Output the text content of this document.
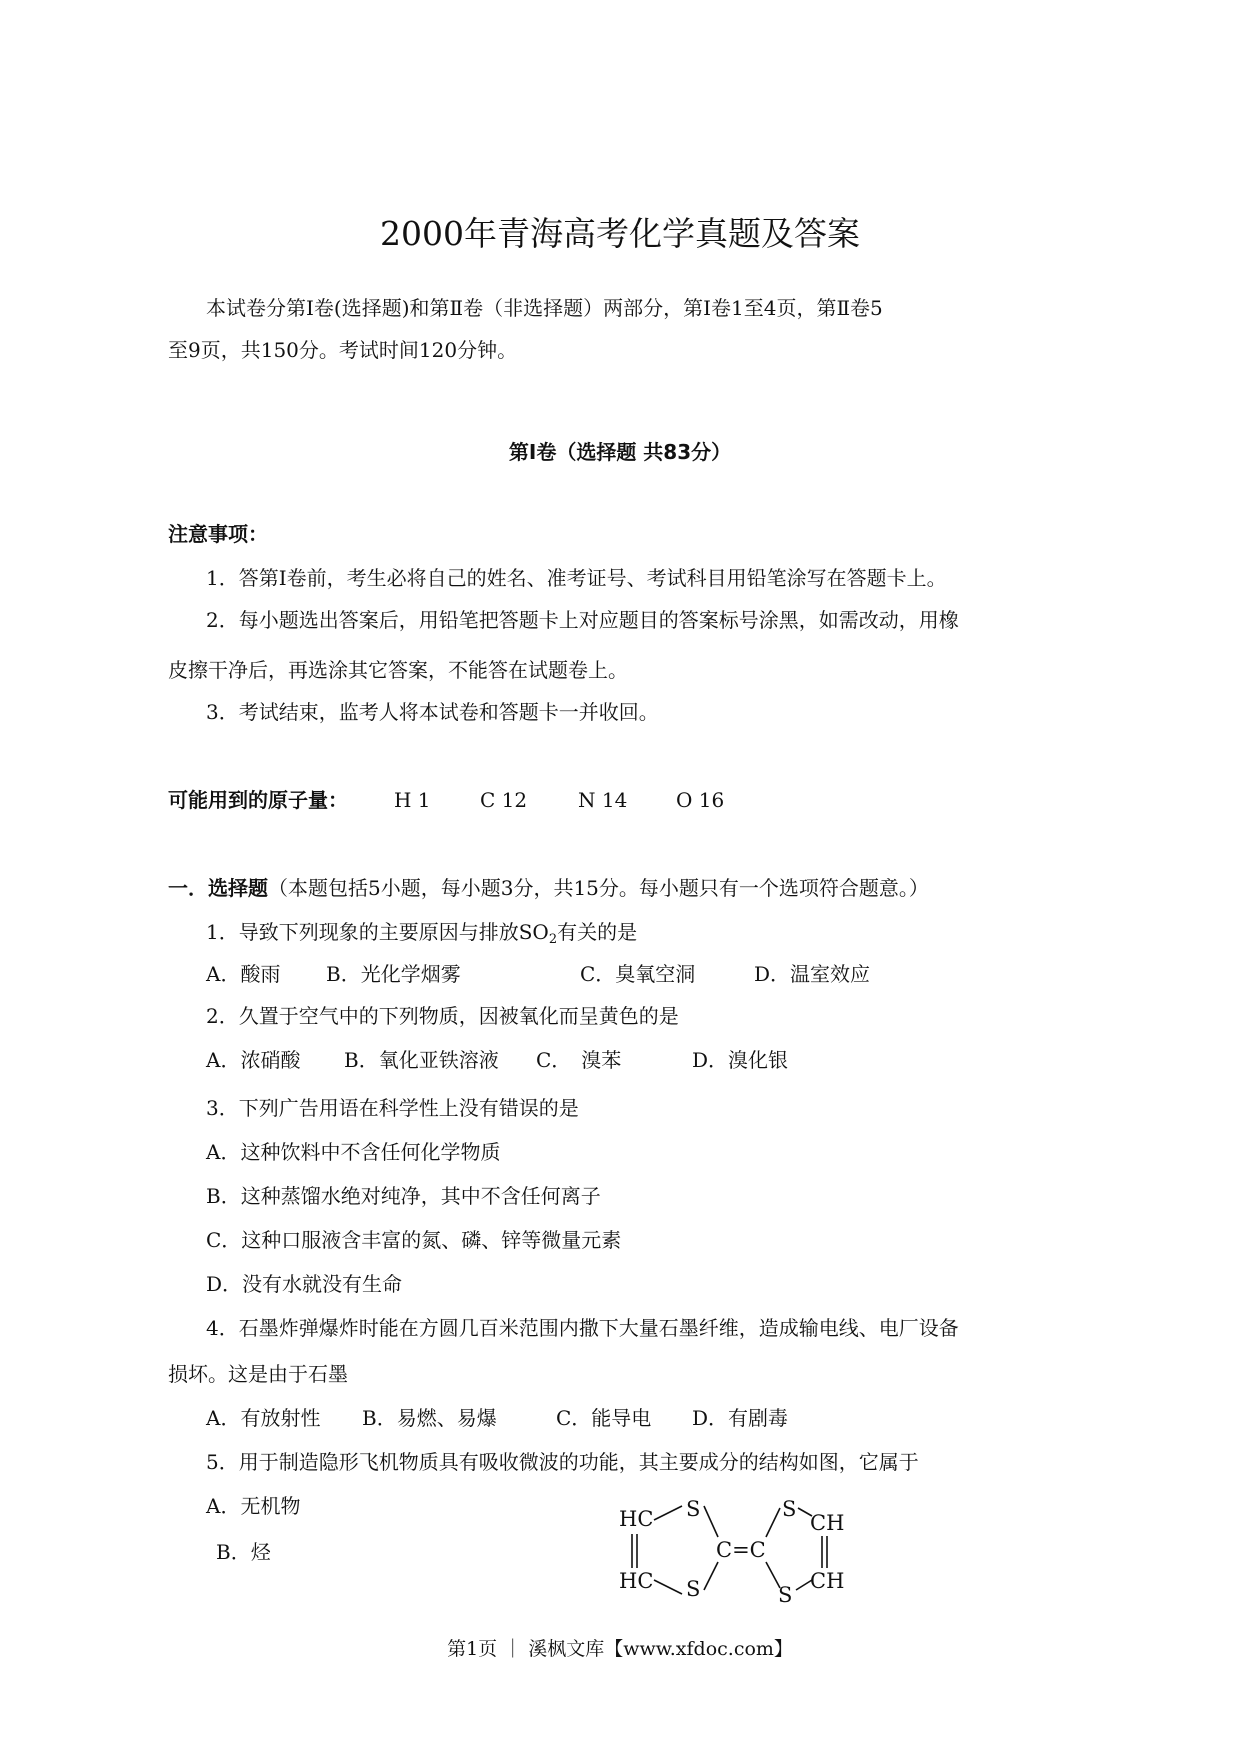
2000年青海高考化学真题及答案
本试卷分第Ⅰ卷(选择题)和第Ⅱ卷（非选择题）两部分，第Ⅰ卷1至4页，第Ⅱ卷5
至9页，共150分。考试时间120分钟。
第Ⅰ卷（选择题 共83分）
注意事项：
1．答第Ⅰ卷前，考生必将自己的姓名、准考证号、考试科目用铅笔涂写在答题卡上。
2．每小题选出答案后，用铅笔把答题卡上对应题目的答案标号涂黑，如需改动，用橡
皮擦干净后，再选涂其它答案，不能答在试题卷上。
3．考试结束，监考人将本试卷和答题卡一并收回。
可能用到的原子量： H 1 C 12	N 14 O 16
一．选择题（本题包括5小题，每小题3分，共15分。每小题只有一个选项符合题意。）
1．导致下列现象的主要原因与排放$SO_2$有关的是
A．酸雨 B．光化学烟雾	C．臭氧空洞	D．温室效应
2．久置于空气中的下列物质，因被氧化而呈黄色的是
A．浓硝酸 B．氧化亚铁溶液 C．　溴苯	D．溴化银
3．下列广告用语在科学性上没有错误的是
A．这种饮料中不含任何化学物质
B．这种蒸馏水绝对纯净，其中不含任何离子
C．这种口服液含丰富的氮、磷、锌等微量元素
D．没有水就没有生命
4．石墨炸弹爆炸时能在方圆几百米范围内撒下大量石墨纤维，造成输电线、电厂设备
损坏。这是由于石墨
A．有放射性 B．易燃、易爆	C．能导电 D．有剧毒
5．用于制造隐形飞机物质具有吸收微波的功能，其主要成分的结构如图，它属于
A．无机物
B．烃
HC
HC
S
S
C=C
S
S
CH
CH
第1页 ｜ 溪枫文库【www.xfdoc.com】
